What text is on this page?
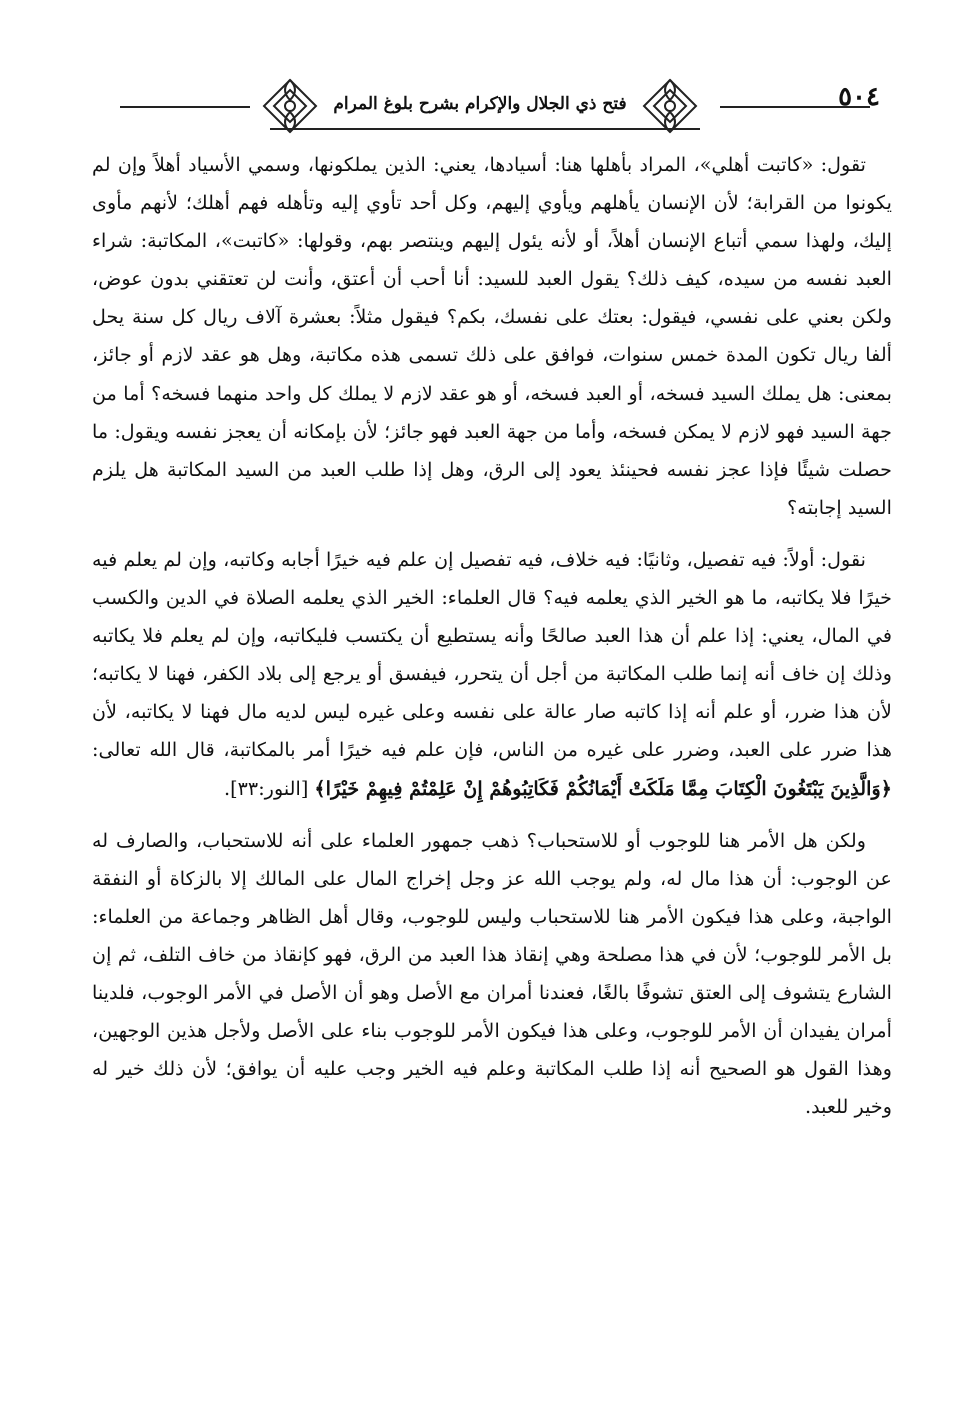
٥٠٤
فتح ذي الجلال والإكرام بشرح بلوغ المرام

تقول: «كاتبت أهلي»، المراد بأهلها هنا: أسيادها، يعني: الذين يملكونها، وسمي الأسياد أهلاً وإن لم يكونوا من القرابة؛ لأن الإنسان يأهلهم ويأوي إليهم، وكل أحد تأوي إليه وتأهله فهم أهلك؛ لأنهم مأوى إليك، ولهذا سمي أتباع الإنسان أهلاً، أو لأنه يئول إليهم وينتصر بهم، وقولها: «كاتبت»، المكاتبة: شراء العبد نفسه من سيده، كيف ذلك؟ يقول العبد للسيد: أنا أحب أن أعتق، وأنت لن تعتقني بدون عوض، ولكن بعني على نفسي، فيقول: بعتك على نفسك، بكم؟ فيقول مثلاً: بعشرة آلاف ريال كل سنة يحل ألفا ريال تكون المدة خمس سنوات، فوافق على ذلك تسمى هذه مكاتبة، وهل هو عقد لازم أو جائز، بمعنى: هل يملك السيد فسخه، أو العبد فسخه، أو هو عقد لازم لا يملك كل واحد منهما فسخه؟ أما من جهة السيد فهو لازم لا يمكن فسخه، وأما من جهة العبد فهو جائز؛ لأن بإمكانه أن يعجز نفسه ويقول: ما حصلت شيئًا فإذا عجز نفسه فحينئذ يعود إلى الرق، وهل إذا طلب العبد من السيد المكاتبة هل يلزم السيد إجابته؟

نقول: أولاً: فيه تفصيل، وثانيًا: فيه خلاف، فيه تفصيل إن علم فيه خيرًا أجابه وكاتبه، وإن لم يعلم فيه خيرًا فلا يكاتبه، ما هو الخير الذي يعلمه فيه؟ قال العلماء: الخير الذي يعلمه الصلاة في الدين والكسب في المال، يعني: إذا علم أن هذا العبد صالحًا وأنه يستطيع أن يكتسب فليكاتبه، وإن لم يعلم فلا يكاتبه وذلك إن خاف أنه إنما طلب المكاتبة من أجل أن يتحرر، فيفسق أو يرجع إلى بلاد الكفر، فهنا لا يكاتبه؛ لأن هذا ضرر، أو علم أنه إذا كاتبه صار عالة على نفسه وعلى غيره ليس لديه مال فهنا لا يكاتبه، لأن هذا ضرر على العبد، وضرر على غيره من الناس، فإن علم فيه خيرًا أمر بالمكاتبة، قال الله تعالى: ﴿وَالَّذِينَ يَبْتَغُونَ الْكِتَابَ مِمَّا مَلَكَتْ أَيْمَانُكُمْ فَكَاتِبُوهُمْ إِنْ عَلِمْتُمْ فِيهِمْ خَيْرًا﴾ [النور:٣٣].

ولكن هل الأمر هنا للوجوب أو للاستحباب؟ ذهب جمهور العلماء على أنه للاستحباب، والصارف له عن الوجوب: أن هذا مال له، ولم يوجب الله عز وجل إخراج المال على المالك إلا بالزكاة أو النفقة الواجبة، وعلى هذا فيكون الأمر هنا للاستحباب وليس للوجوب، وقال أهل الظاهر وجماعة من العلماء: بل الأمر للوجوب؛ لأن في هذا مصلحة وهي إنقاذ هذا العبد من الرق، فهو كإنقاذ من خاف التلف، ثم إن الشارع يتشوف إلى العتق تشوفًا بالغًا، فعندنا أمران مع الأصل وهو أن الأصل في الأمر الوجوب، فلدينا أمران يفيدان أن الأمر للوجوب، وعلى هذا فيكون الأمر للوجوب بناء على الأصل ولأجل هذين الوجهين، وهذا القول هو الصحيح أنه إذا طلب المكاتبة وعلم فيه الخير وجب عليه أن يوافق؛ لأن ذلك خير له وخير للعبد.
